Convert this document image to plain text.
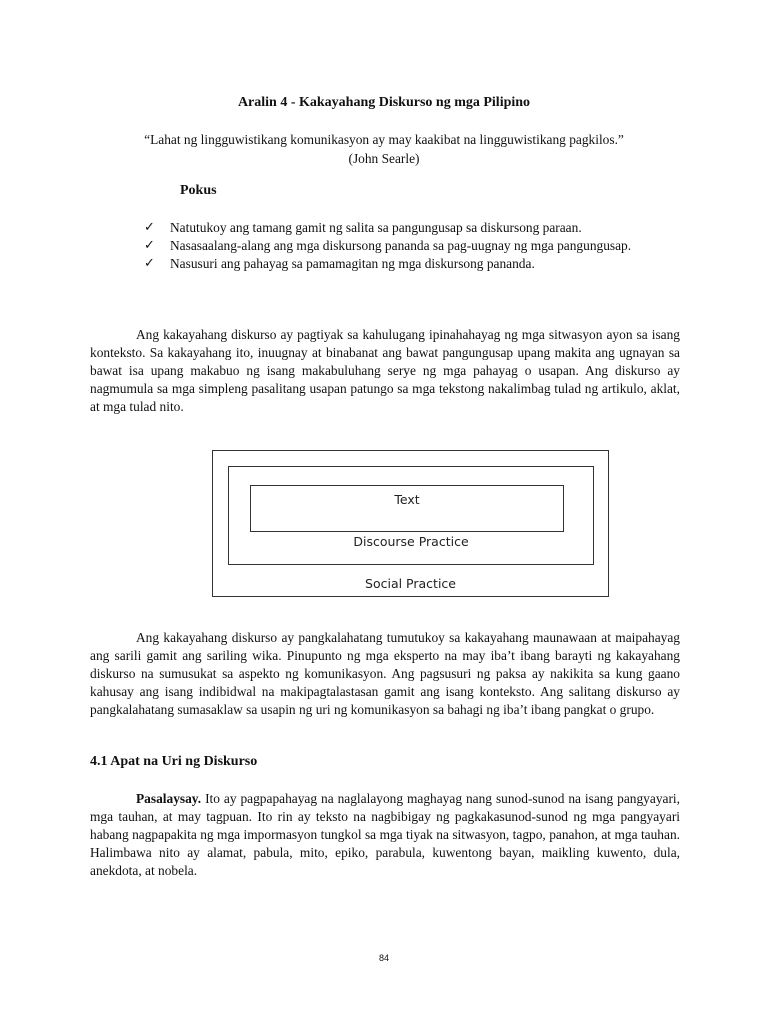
Aralin 4 - Kakayahang Diskurso ng mga Pilipino
“Lahat ng lingguwistikang komunikasyon ay may kaakibat na lingguwistikang pagkilos.”
(John Searle)
Pokus
✓ Natutukoy ang tamang gamit ng salita sa pangungusap sa diskursong paraan.
✓ Nasasaalang-alang ang mga diskursong pananda sa pag-uugnay ng mga pangungusap.
✓ Nasusuri ang pahayag sa pamamagitan ng mga diskursong pananda.

Ang kakayahang diskurso ay pagtiyak sa kahulugang ipinahahayag ng mga sitwasyon ayon sa isang konteksto. Sa kakayahang ito, inuugnay at binabanat ang bawat pangungusap upang makita ang ugnayan sa bawat isa upang makabuo ng isang makabuluhang serye ng mga pahayag o usapan. Ang diskurso ay nagmumula sa mga simpleng pasalitang usapan patungo sa mga tekstong nakalimbag tulad ng artikulo, aklat, at mga tulad nito.

Social Practice
Discourse Practice
Text

Ang kakayahang diskurso ay pangkalahatang tumutukoy sa kakayahang maunawaan at maipahayag ang sarili gamit ang sariling wika. Pinupunto ng mga eksperto na may iba’t ibang barayti ng kakayahang diskurso na sumusukat sa aspekto ng komunikasyon. Ang pagsusuri ng paksa ay nakikita sa kung gaano kahusay ang isang indibidwal na makipagtalastasan gamit ang isang konteksto. Ang salitang diskurso ay pangkalahatang sumasaklaw sa usapin ng uri ng komunikasyon sa bahagi ng iba’t ibang pangkat o grupo.

4.1 Apat na Uri ng Diskurso

Pasalaysay. Ito ay pagpapahayag na naglalayong maghayag nang sunod-sunod na isang pangyayari, mga tauhan, at may tagpuan. Ito rin ay teksto na nagbibigay ng pagkakasunod-sunod ng mga pangyayari habang nagpapakita ng mga impormasyon tungkol sa mga tiyak na sitwasyon, tagpo, panahon, at mga tauhan. Halimbawa nito ay alamat, pabula, mito, epiko, parabula, kuwentong bayan, maikling kuwento, dula, anekdota, at nobela.

84
